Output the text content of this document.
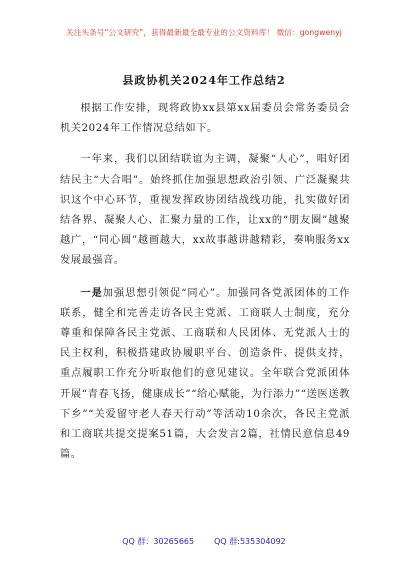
关注头条号“公文研究”，获得最新最全最专业的公文资料库！ 微信：gongwenyj
县政协机关2024年工作总结2

根据工作安排，现将政协xx县第xx届委员会常务委员会机关2024年工作情况总结如下。

一年来，我们以团结联谊为主调，凝聚“人心”，唱好团结民主“大合唱”。始终抓住加强思想政治引领、广泛凝聚共识这个中心环节，重视发挥政协团结战线功能，扎实做好团结各界、凝聚人心、汇聚力量的工作，让xx的“朋友圈”越聚越广，“同心圆”越画越大，xx故事越讲越精彩，奏响服务xx发展最强音。

一是加强思想引领促“同心”。加强同各党派团体的工作联系，健全和完善走访各民主党派、工商联人士制度，充分尊重和保障各民主党派、工商联和人民团体、无党派人士的民主权利，积极搭建政协履职平台、创造条件、提供支持，重点履职工作充分听取他们的意见建议。全年联合党派团体开展“青春飞扬，健康成长”“给心赋能，为行添力”“送医送教下乡”“关爱留守老人春天行动”等活动10余次，各民主党派和工商联共提交提案51篇，大会发言2篇，社情民意信息49篇。

QQ 群：30265665	QQ 群:535304092
